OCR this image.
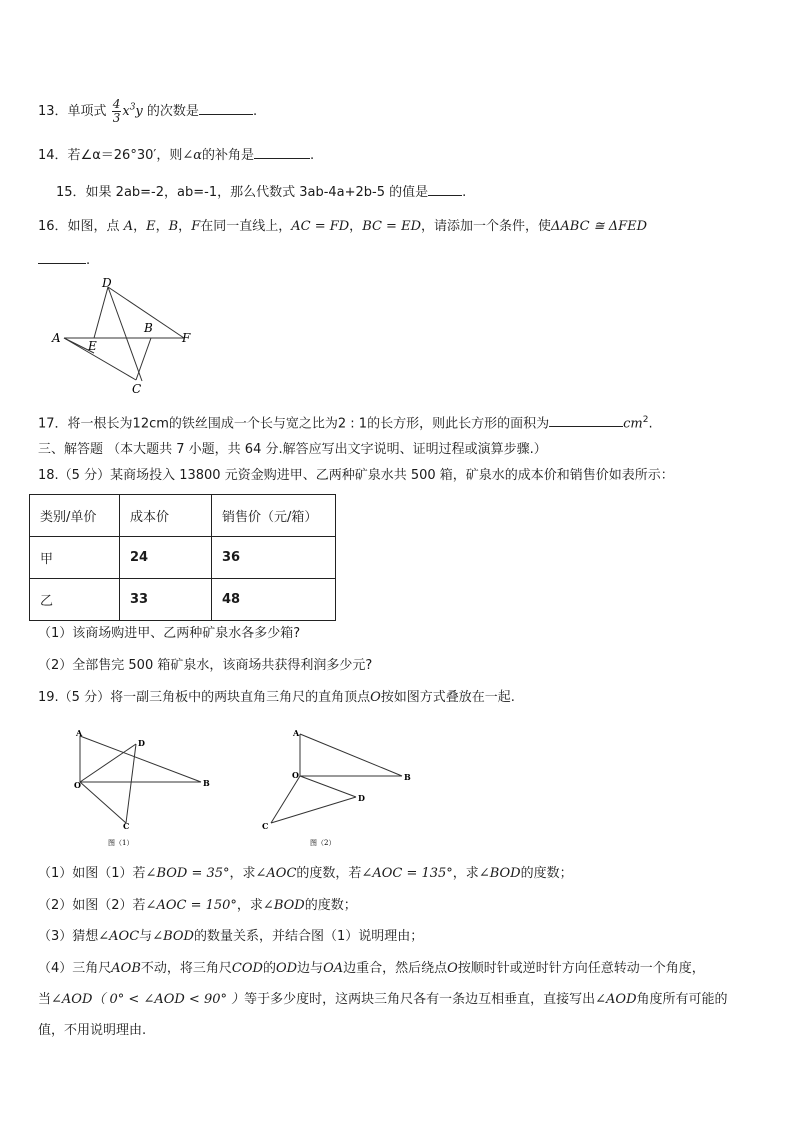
13．单项式 $\frac{4}{3} x^3y$ 的次数是	.
14．若∠α＝26°30′，则∠α的补角是	.
15．如果 2ab=-2，ab=-1，那么代数式 3ab-4a+2b-5 的值是	.
16．如图，点 A，E，B，F在同一直线上，AC = FD，BC = ED，请添加一个条件，使ΔABC ≅ ΔFED
.
D
B
A
E
F
C
17．将一根长为12cm的铁丝围成一个长与宽之比为2 : 1的长方形，则此长方形的面积为	$cm^2$.
三、解答题 （本大题共 7 小题，共 64 分.解答应写出文字说明、证明过程或演算步骤.）
18.（5 分）某商场投入 13800 元资金购进甲、乙两种矿泉水共 500 箱，矿泉水的成本价和销售价如表所示：
类别/单价	成本价	销售价（元/箱）
甲	24	36
乙	33	48
（1）该商场购进甲、乙两种矿泉水各多少箱?
（2）全部售完 500 箱矿泉水，该商场共获得利润多少元?
19.（5 分）将一副三角板中的两块直角三角尺的直角顶点O按如图方式叠放在一起.
A
D
O	B
C
图（1）
A
O	B
D
C
图（2）
（1）如图（1）若∠BOD = 35°，求∠AOC的度数，若∠AOC = 135°，求∠BOD的度数；
（2）如图（2）若∠AOC = 150°，求∠BOD的度数；
（3）猜想∠AOC与∠BOD的数量关系，并结合图（1）说明理由；
（4）三角尺AOB不动，将三角尺COD的OD边与OA边重合，然后绕点O按顺时针或逆时针方向任意转动一个角度，
当∠AOD（ 0° < ∠AOD < 90° ）等于多少度时，这两块三角尺各有一条边互相垂直，直接写出∠AOD角度所有可能的
值，不用说明理由.
